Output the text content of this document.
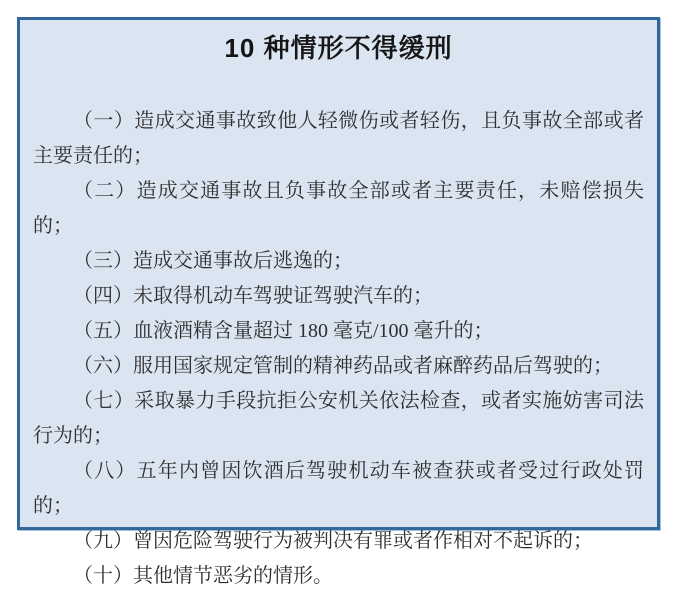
10 种情形不得缓刑

（一）造成交通事故致他人轻微伤或者轻伤，且负事故全部或者主要责任的；

（二）造成交通事故且负事故全部或者主要责任，未赔偿损失的；

（三）造成交通事故后逃逸的；

（四）未取得机动车驾驶证驾驶汽车的；

（五）血液酒精含量超过 180 毫克/100 毫升的；

（六）服用国家规定管制的精神药品或者麻醉药品后驾驶的；

（七）采取暴力手段抗拒公安机关依法检查，或者实施妨害司法行为的；

（八）五年内曾因饮酒后驾驶机动车被查获或者受过行政处罚的；

（九）曾因危险驾驶行为被判决有罪或者作相对不起诉的；

（十）其他情节恶劣的情形。
